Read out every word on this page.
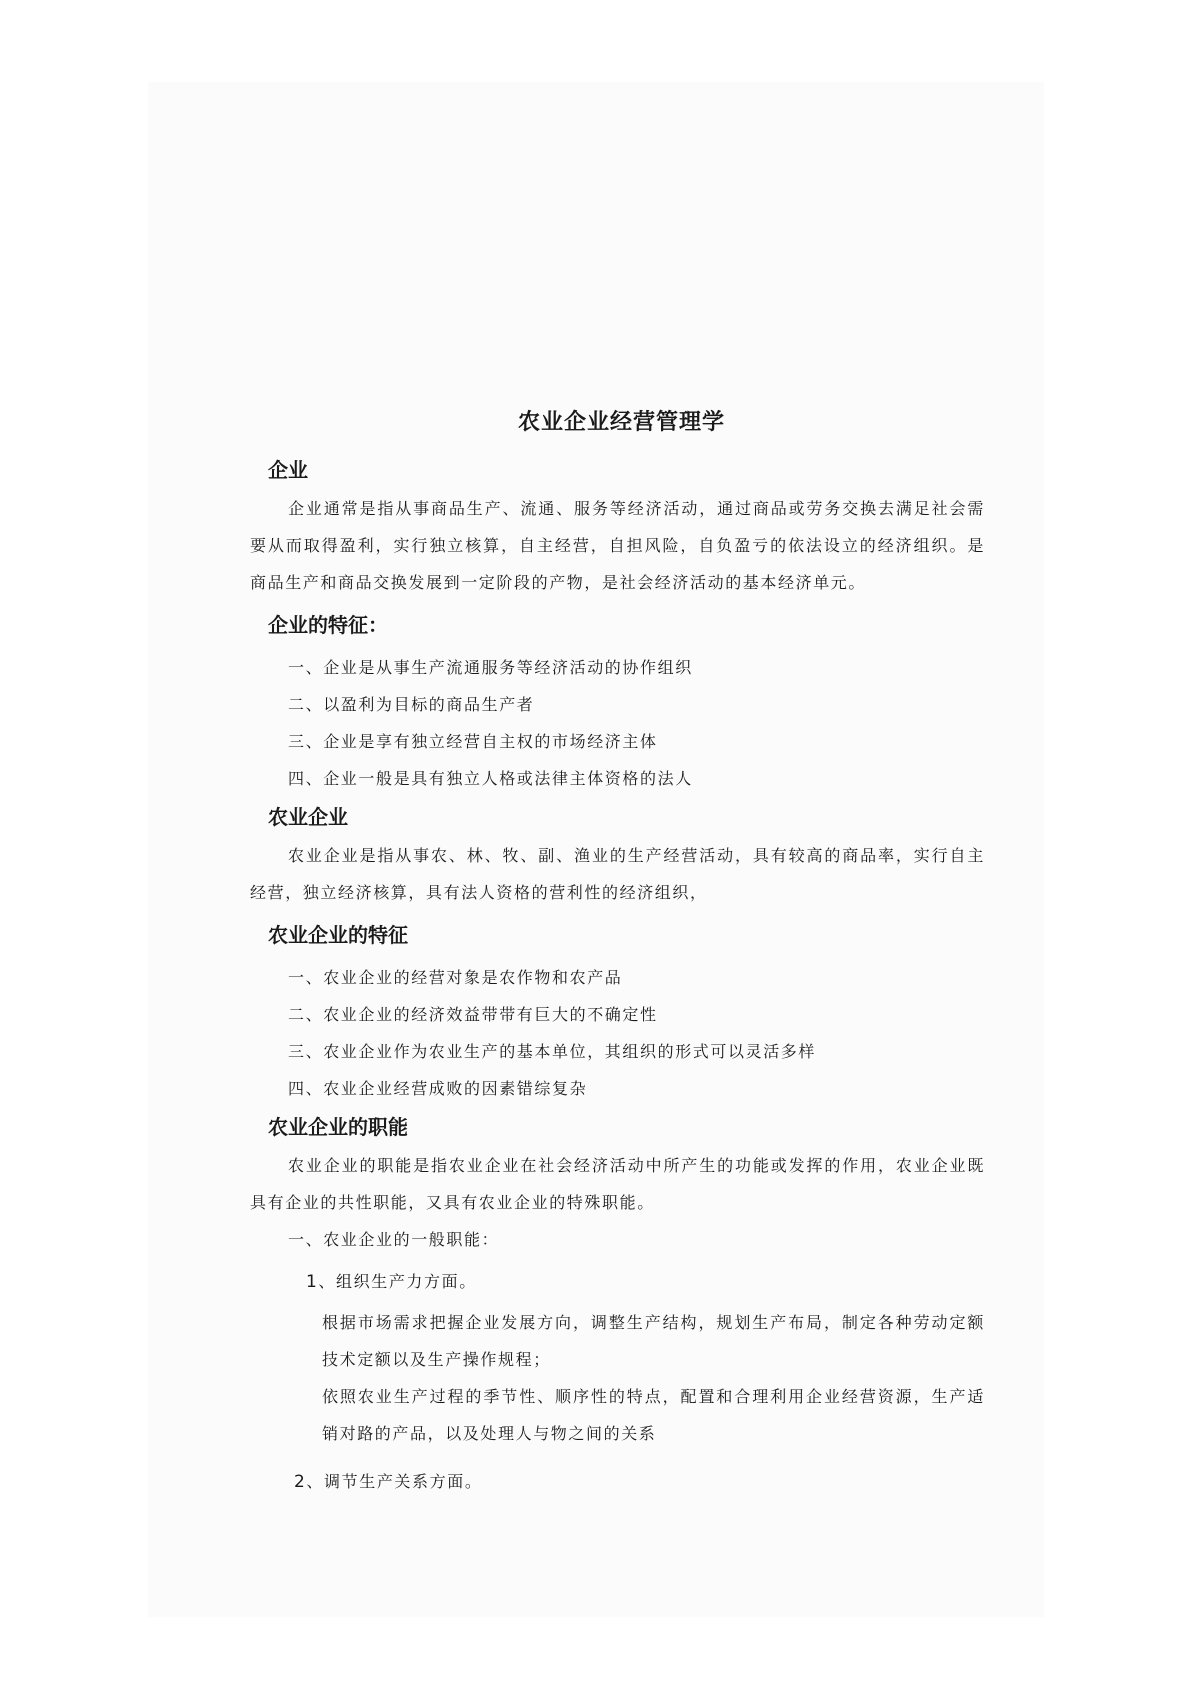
农业企业经营管理学
企业

企业通常是指从事商品生产、流通、服务等经济活动，通过商品或劳务交换去满足社会需要从而取得盈利，实行独立核算，自主经营，自担风险，自负盈亏的依法设立的经济组织。是商品生产和商品交换发展到一定阶段的产物，是社会经济活动的基本经济单元。

企业的特征：

一、企业是从事生产流通服务等经济活动的协作组织

二、以盈利为目标的商品生产者

三、企业是享有独立经营自主权的市场经济主体

四、企业一般是具有独立人格或法律主体资格的法人

农业企业

农业企业是指从事农、林、牧、副、渔业的生产经营活动，具有较高的商品率，实行自主经营，独立经济核算，具有法人资格的营利性的经济组织，

农业企业的特征

一、农业企业的经营对象是农作物和农产品

二、农业企业的经济效益带带有巨大的不确定性

三、农业企业作为农业生产的基本单位，其组织的形式可以灵活多样

四、农业企业经营成败的因素错综复杂

农业企业的职能

农业企业的职能是指农业企业在社会经济活动中所产生的功能或发挥的作用，农业企业既具有企业的共性职能，又具有农业企业的特殊职能。

一、农业企业的一般职能：

1、组织生产力方面。

根据市场需求把握企业发展方向，调整生产结构，规划生产布局，制定各种劳动定额技术定额以及生产操作规程；

依照农业生产过程的季节性、顺序性的特点，配置和合理利用企业经营资源，生产适销对路的产品，以及处理人与物之间的关系

2、调节生产关系方面。
